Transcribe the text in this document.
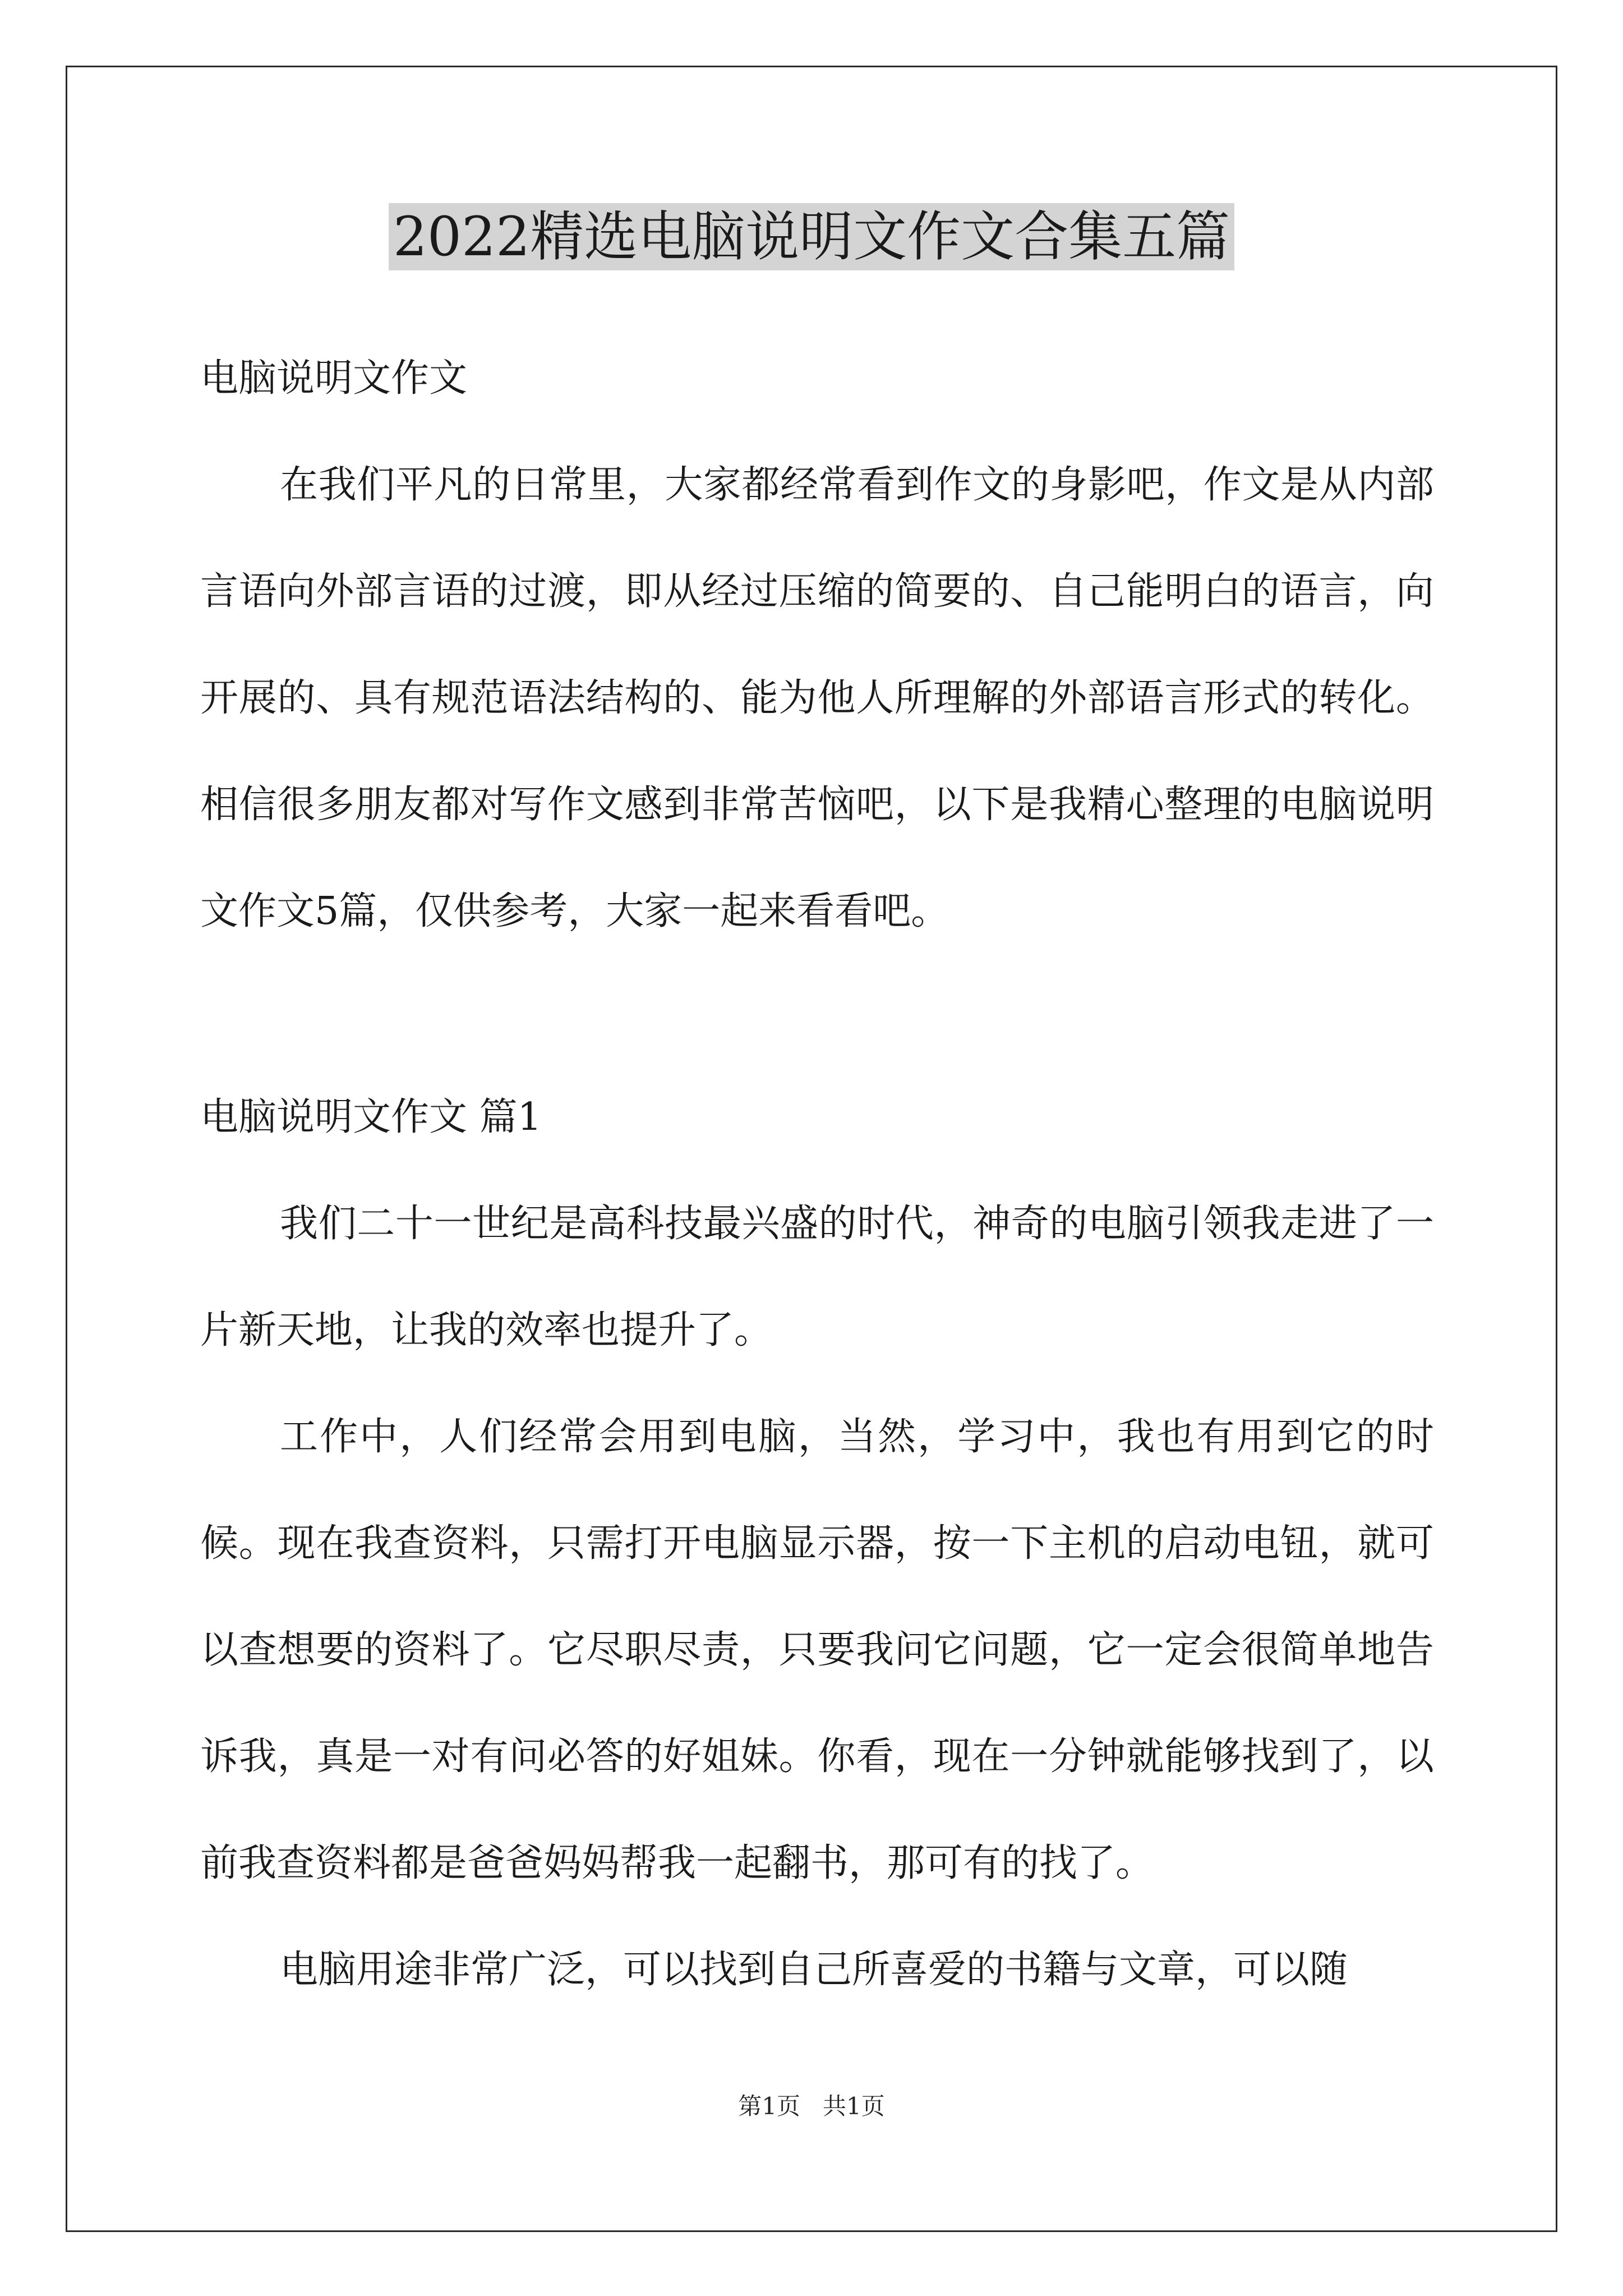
2022精选电脑说明文作文合集五篇

电脑说明文作文

在我们平凡的日常里，大家都经常看到作文的身影吧，作文是从内部言语向外部言语的过渡，即从经过压缩的简要的、自己能明白的语言，向开展的、具有规范语法结构的、能为他人所理解的外部语言形式的转化。相信很多朋友都对写作文感到非常苦恼吧，以下是我精心整理的电脑说明文作文5篇，仅供参考，大家一起来看看吧。

电脑说明文作文 篇1

我们二十一世纪是高科技最兴盛的时代，神奇的电脑引领我走进了一片新天地，让我的效率也提升了。

工作中，人们经常会用到电脑，当然，学习中，我也有用到它的时候。现在我查资料，只需打开电脑显示器，按一下主机的启动电钮，就可以查想要的资料了。它尽职尽责，只要我问它问题，它一定会很简单地告诉我，真是一对有问必答的好姐妹。你看，现在一分钟就能够找到了，以前我查资料都是爸爸妈妈帮我一起翻书，那可有的找了。

电脑用途非常广泛，可以找到自己所喜爱的书籍与文章，可以随

第1页   共1页
